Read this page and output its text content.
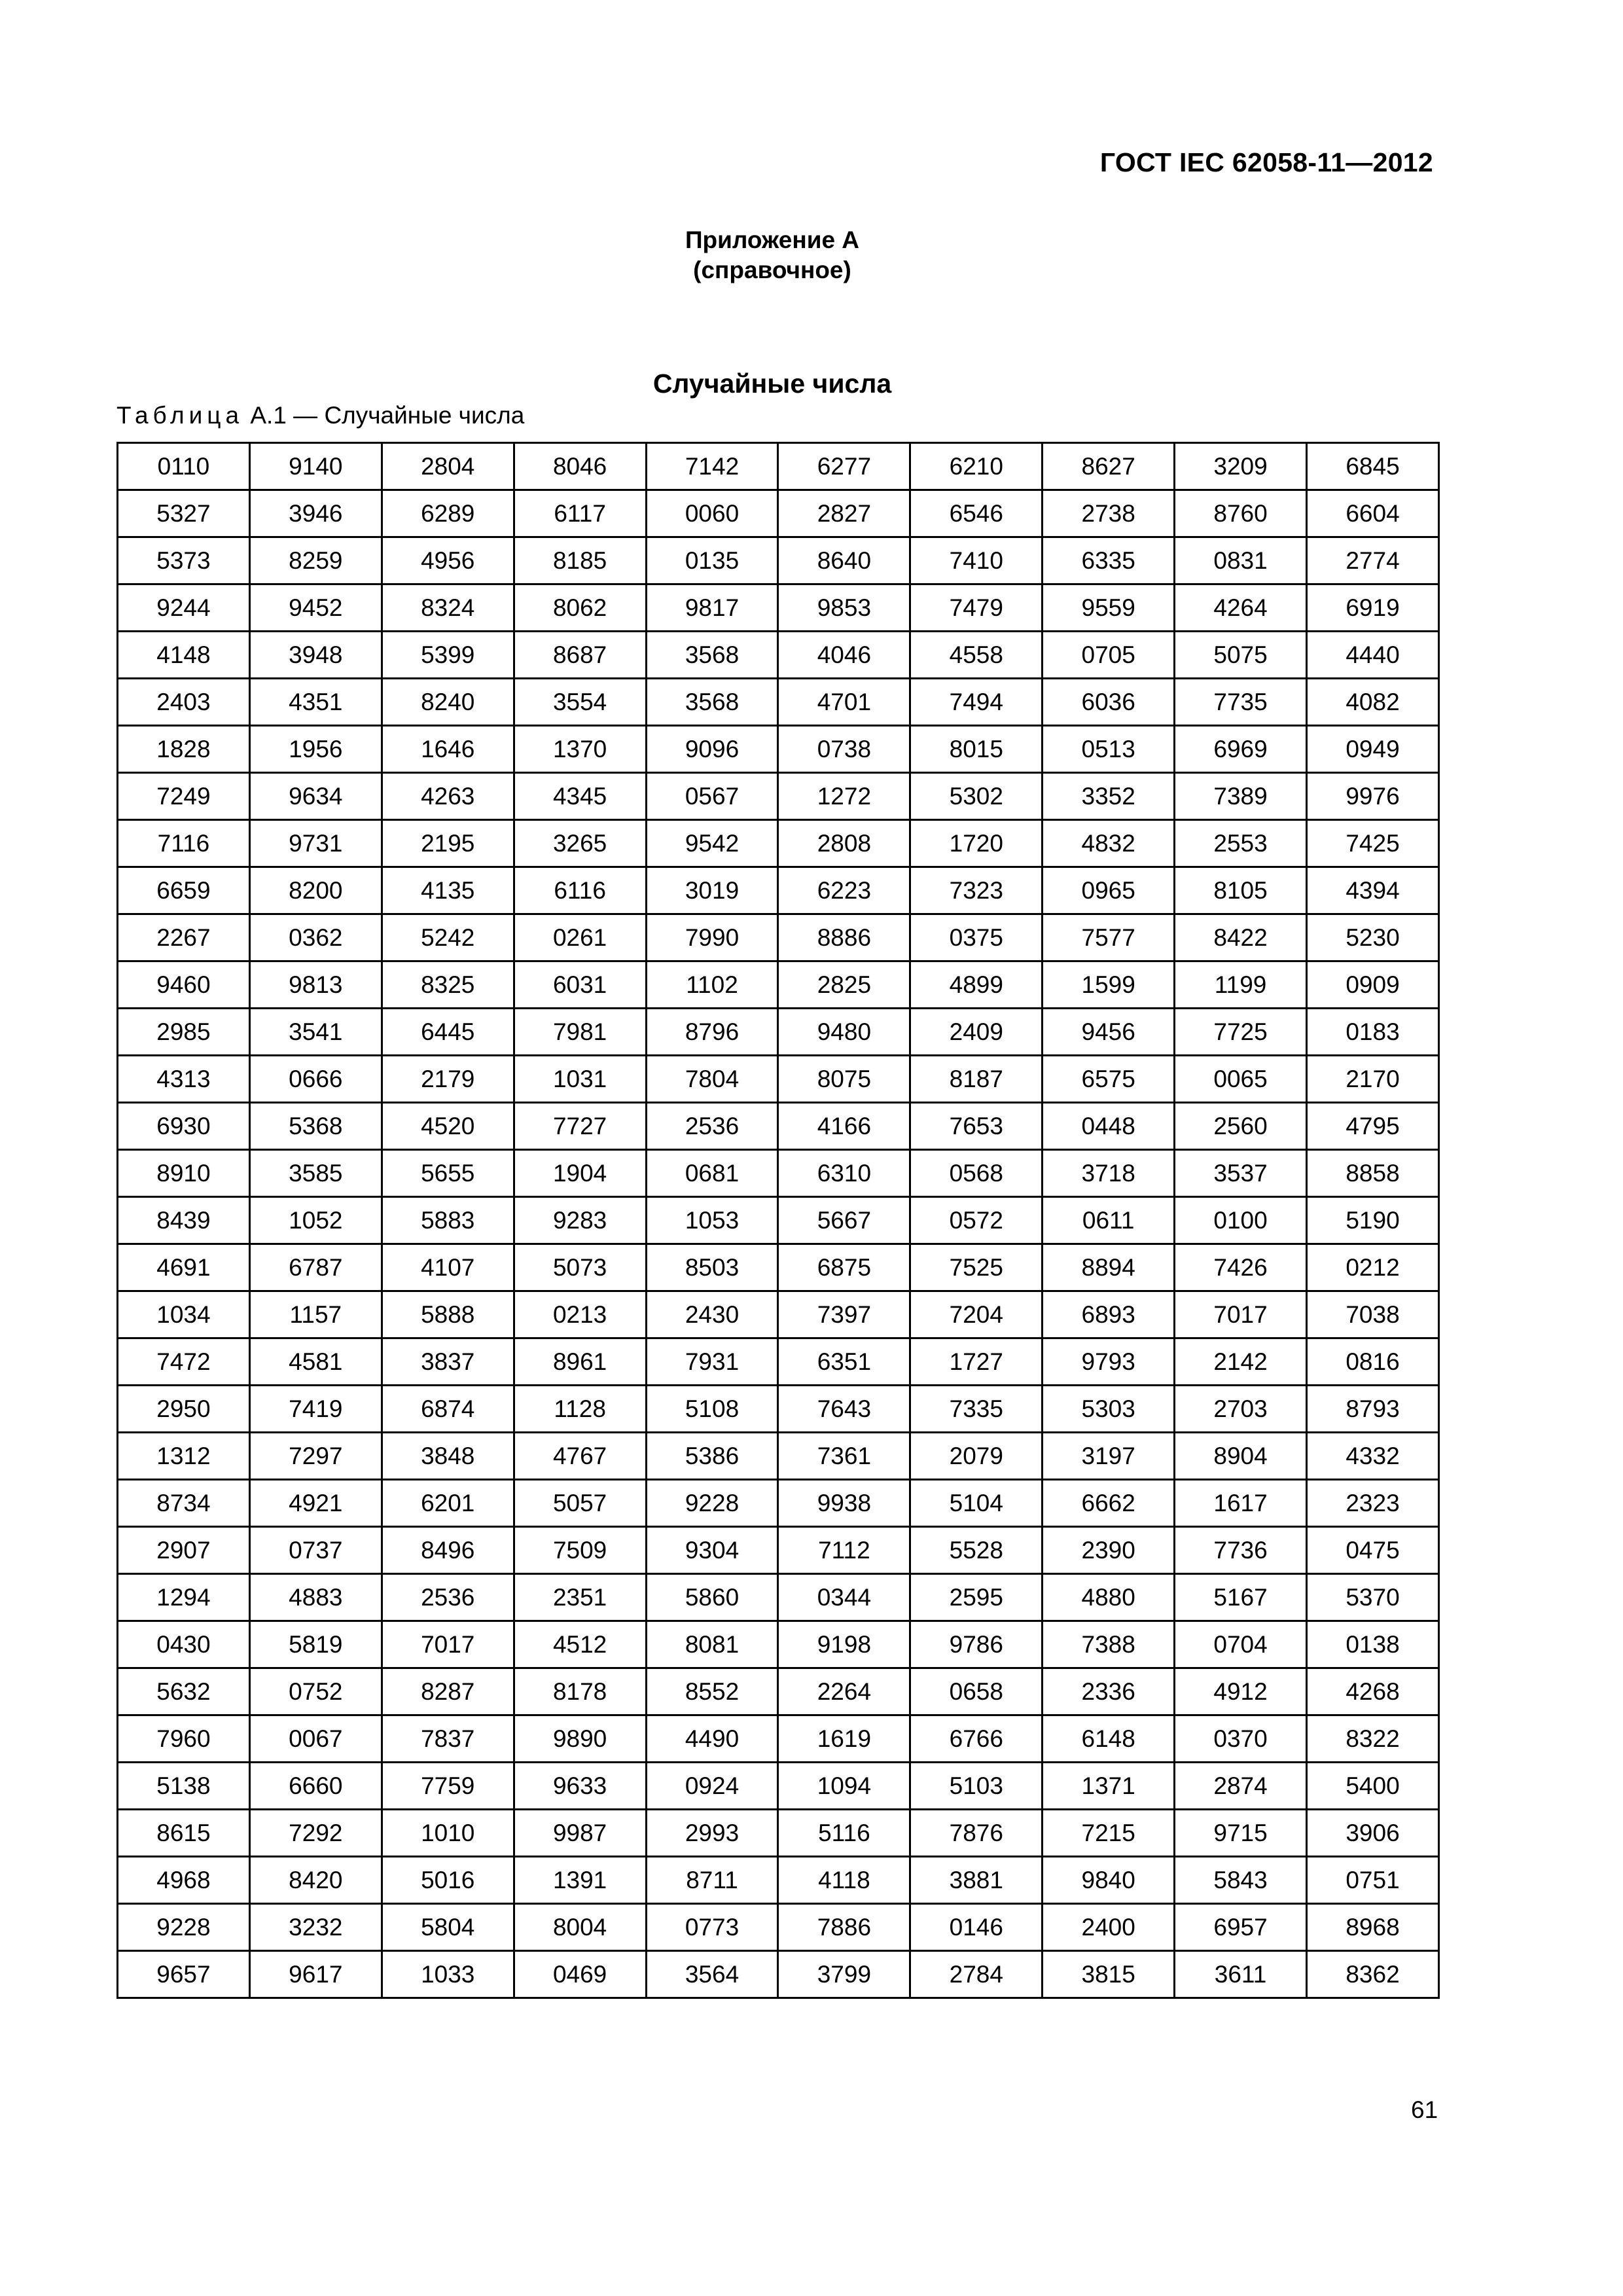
ГОСТ IEC 62058-11—2012
Приложение А
(справочное)
Случайные числа
Таблица А.1 — Случайные числа
0110	9140	2804	8046	7142	6277	6210	8627	3209	6845
5327	3946	6289	6117	0060	2827	6546	2738	8760	6604
5373	8259	4956	8185	0135	8640	7410	6335	0831	2774
9244	9452	8324	8062	9817	9853	7479	9559	4264	6919
4148	3948	5399	8687	3568	4046	4558	0705	5075	4440
2403	4351	8240	3554	3568	4701	7494	6036	7735	4082
1828	1956	1646	1370	9096	0738	8015	0513	6969	0949
7249	9634	4263	4345	0567	1272	5302	3352	7389	9976
7116	9731	2195	3265	9542	2808	1720	4832	2553	7425
6659	8200	4135	6116	3019	6223	7323	0965	8105	4394
2267	0362	5242	0261	7990	8886	0375	7577	8422	5230
9460	9813	8325	6031	1102	2825	4899	1599	1199	0909
2985	3541	6445	7981	8796	9480	2409	9456	7725	0183
4313	0666	2179	1031	7804	8075	8187	6575	0065	2170
6930	5368	4520	7727	2536	4166	7653	0448	2560	4795
8910	3585	5655	1904	0681	6310	0568	3718	3537	8858
8439	1052	5883	9283	1053	5667	0572	0611	0100	5190
4691	6787	4107	5073	8503	6875	7525	8894	7426	0212
1034	1157	5888	0213	2430	7397	7204	6893	7017	7038
7472	4581	3837	8961	7931	6351	1727	9793	2142	0816
2950	7419	6874	1128	5108	7643	7335	5303	2703	8793
1312	7297	3848	4767	5386	7361	2079	3197	8904	4332
8734	4921	6201	5057	9228	9938	5104	6662	1617	2323
2907	0737	8496	7509	9304	7112	5528	2390	7736	0475
1294	4883	2536	2351	5860	0344	2595	4880	5167	5370
0430	5819	7017	4512	8081	9198	9786	7388	0704	0138
5632	0752	8287	8178	8552	2264	0658	2336	4912	4268
7960	0067	7837	9890	4490	1619	6766	6148	0370	8322
5138	6660	7759	9633	0924	1094	5103	1371	2874	5400
8615	7292	1010	9987	2993	5116	7876	7215	9715	3906
4968	8420	5016	1391	8711	4118	3881	9840	5843	0751
9228	3232	5804	8004	0773	7886	0146	2400	6957	8968
9657	9617	1033	0469	3564	3799	2784	3815	3611	8362
61
